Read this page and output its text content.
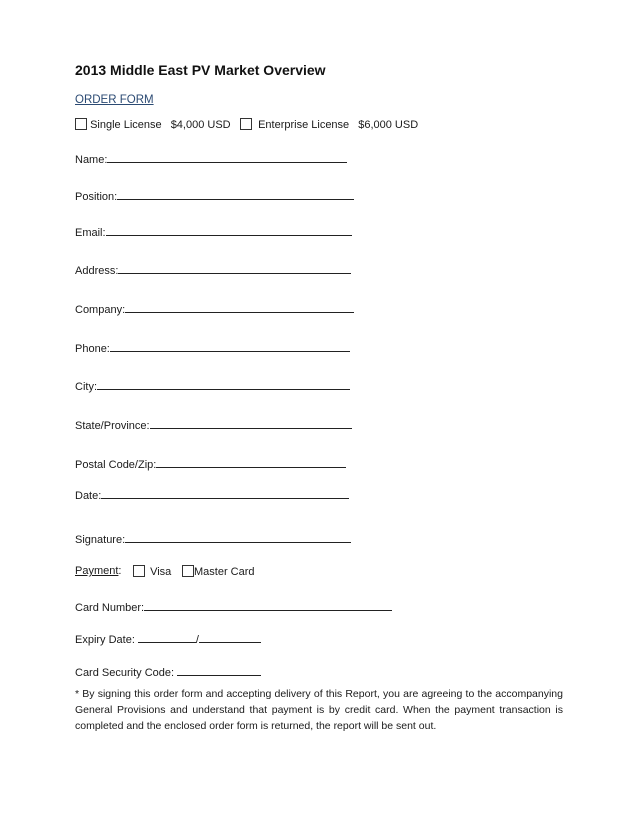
2013 Middle East PV Market Overview
ORDER FORM
Single License $4,000 USD	Enterprise License $6,000 USD
Name:
Position:
Email:
Address:
Company:
Phone:
City:
State/Province:
Postal Code/Zip:
Date:
Signature:
Payment:	Visa	Master Card
Card Number:
Expiry Date:	/
Card Security Code:
* By signing this order form and accepting delivery of this Report, you are agreeing to the accompanying General Provisions and understand that payment is by credit card. When the payment transaction is completed and the enclosed order form is returned, the report will be sent out.
